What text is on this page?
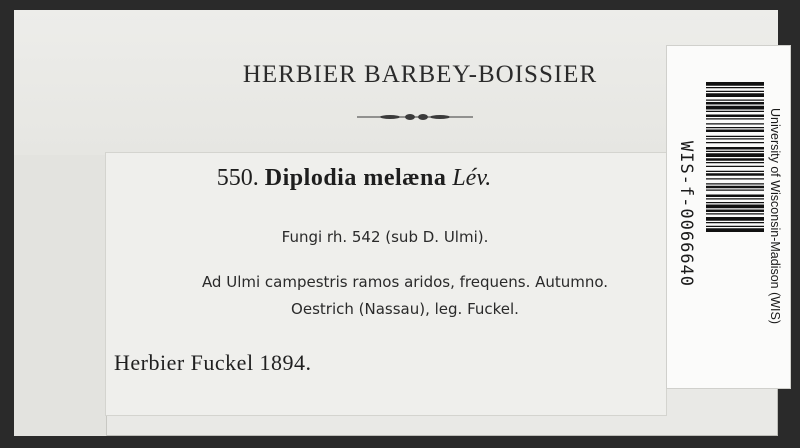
HERBIER BARBEY-BOISSIER
550. Diplodia melæna Lév.
Fungi rh. 542 (sub D. Ulmi).
Ad Ulmi campestris ramos aridos, frequens. Autumno.
Oestrich (Nassau), leg. Fuckel.
Herbier Fuckel 1894.
WIS-f-0066640	University of Wisconsin-Madison (WIS)
